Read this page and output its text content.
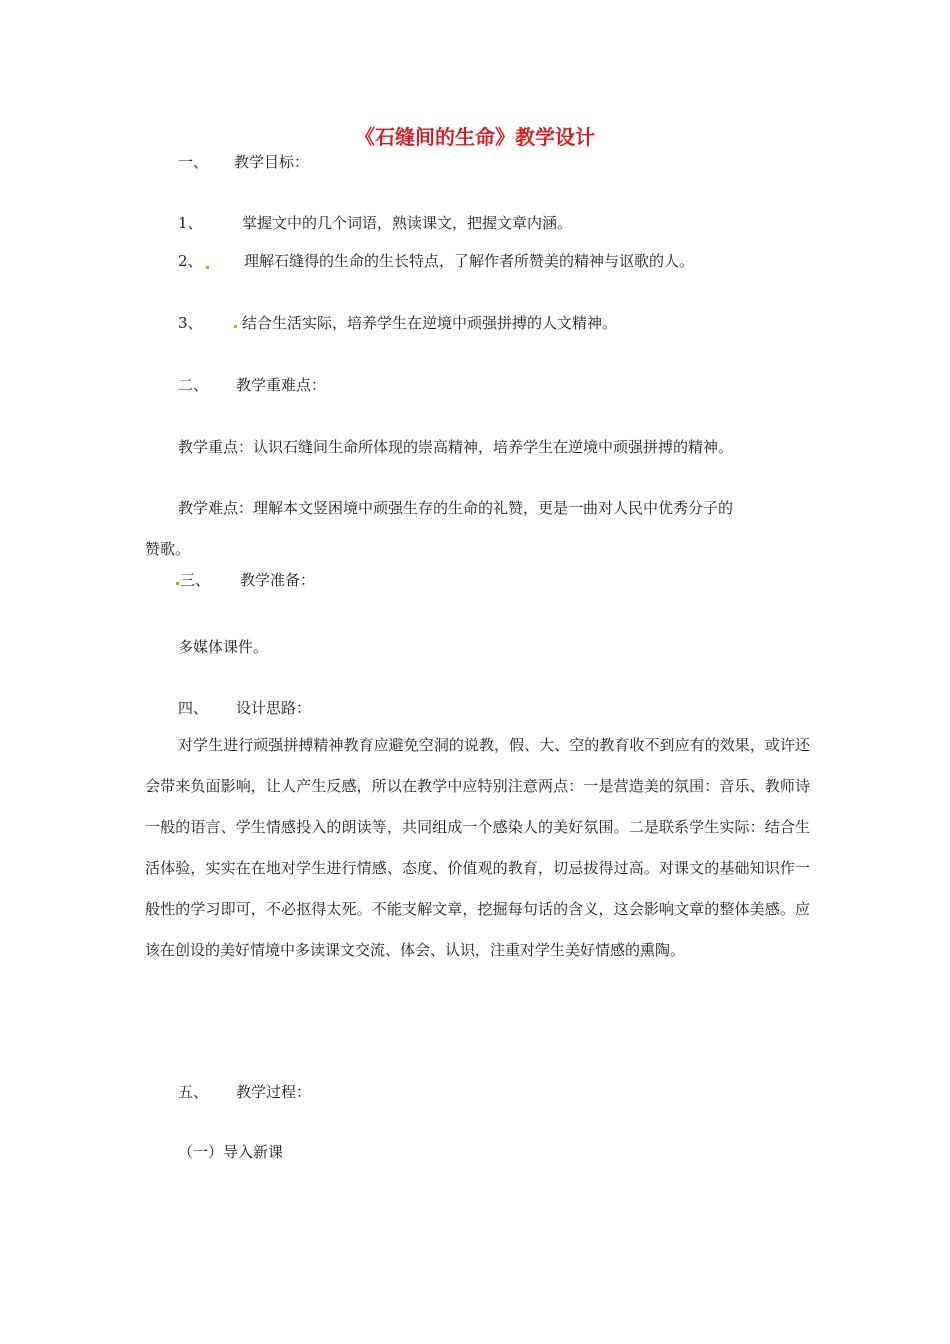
《石缝间的生命》教学设计
一、 教学目标：
1、	掌握文中的几个词语，熟读课文，把握文章内涵。
2、	理解石缝得的生命的生长特点，了解作者所赞美的精神与讴歌的人。
3、	结合生活实际，培养学生在逆境中顽强拼搏的人文精神。
二、 教学重难点：
教学重点：认识石缝间生命所体现的崇高精神，培养学生在逆境中顽强拼搏的精神。
教学难点：理解本文竖困境中顽强生存的生命的礼赞，更是一曲对人民中优秀分子的
赞歌。
三、 教学准备：
多媒体课件。
四、 设计思路：
对学生进行顽强拼搏精神教育应避免空洞的说教，假、大、空的教育收不到应有的效果，或许还会带来负面影响，让人产生反感，所以在教学中应特别注意两点：一是营造美的氛围：音乐、教师诗一般的语言、学生情感投入的朗读等，共同组成一个感染人的美好氛围。二是联系学生实际：结合生活体验，实实在在地对学生进行情感、态度、价值观的教育，切忌拔得过高。对课文的基础知识作一般性的学习即可，不必抠得太死。不能支解文章，挖掘每句话的含义，这会影响文章的整体美感。应该在创设的美好情境中多读课文交流、体会、认识，注重对学生美好情感的熏陶。
五、 教学过程：
（一）导入新课
